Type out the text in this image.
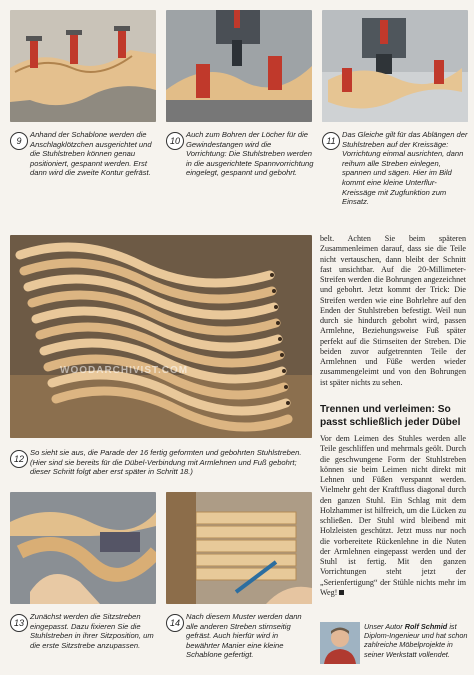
9
Anhand der Schablone werden die Anschlagklötzchen ausgerichtet und die Stuhlstreben können genau positioniert, gespannt werden. Erst dann wird die zweite Kontur gefräst.
10
Auch zum Bohren der Löcher für die Gewindestangen wird die Vorrichtung: Die Stuhlstreben werden in die ausgerichtete Spannvorrichtung eingelegt, gespannt und gebohrt.
11
Das Gleiche gilt für das Ablängen der Stuhlstreben auf der Kreissäge: Vorrichtung einmal ausrichten, dann reihum alle Streben einlegen, spannen und sägen. Hier im Bild kommt eine kleine Unterflur-Kreissäge mit Zugfunktion zum Einsatz.
WOODARCHIVIST.COM
12
So sieht sie aus, die Parade der 16 fertig geformten und gebohrten Stuhlstreben. (Hier sind sie bereits für die Dübel-Verbindung mit Armlehnen und Fuß gebohrt; dieser Schritt folgt aber erst später in Schritt 18.)
13
Zunächst werden die Sitzstreben eingepasst. Dazu fixieren Sie die Stuhlstreben in ihrer Sitzposition, um die erste Sitzstrebe anzupassen.
14
Nach diesem Muster werden dann alle anderen Streben stirnseitig gefräst. Auch hierfür wird in bewährter Manier eine kleine Schablone gefertigt.

belt. Achten Sie beim späteren Zusammenleimen darauf, dass sie die Teile nicht vertauschen, dann bleibt der Schnitt fast unsichtbar. Auf die 20-Millimeter-Streifen werden die Bohrungen angezeichnet und gebohrt. Jetzt kommt der Trick: Die Streifen werden wie eine Bohrlehre auf den Enden der Stuhlstreben befestigt. Weil nun durch sie hindurch gebohrt wird, passen Armlehne, Beziehungsweise Fuß später perfekt auf die Stirnseiten der Streben. Die beiden zuvor aufgetrennten Teile der Armlehnen und Füße werden wieder zusammengeleimt und von den Bohrungen ist später nichts zu sehen.

Trennen und verleimen: So passt schließlich jeder Dübel

Vor dem Leimen des Stuhles werden alle Teile geschliffen und mehrmals geölt. Durch die geschwungene Form der Stuhlstreben können sie beim Leimen nicht direkt mit Lehnen und Füßen verspannt werden. Vielmehr geht der Kraftfluss diagonal durch den ganzen Stuhl. Ein Schlag mit dem Holzhammer ist hilfreich, um die Lücken zu schließen. Der Stuhl wird bleibend mit Holzleisten geschützt. Jetzt muss nur noch die vorbereitete Rückenlehne in die Nuten der Armlehnen eingepasst werden und der Stuhl ist fertig. Mit den ganzen Vorrichtungen steht jetzt der „Serienfertigung“ der Stühle nichts mehr im Weg!

Unser Autor Rolf Schmid ist Diplom-Ingenieur und hat schon zahlreiche Möbelprojekte in seiner Werkstatt vollendet.
